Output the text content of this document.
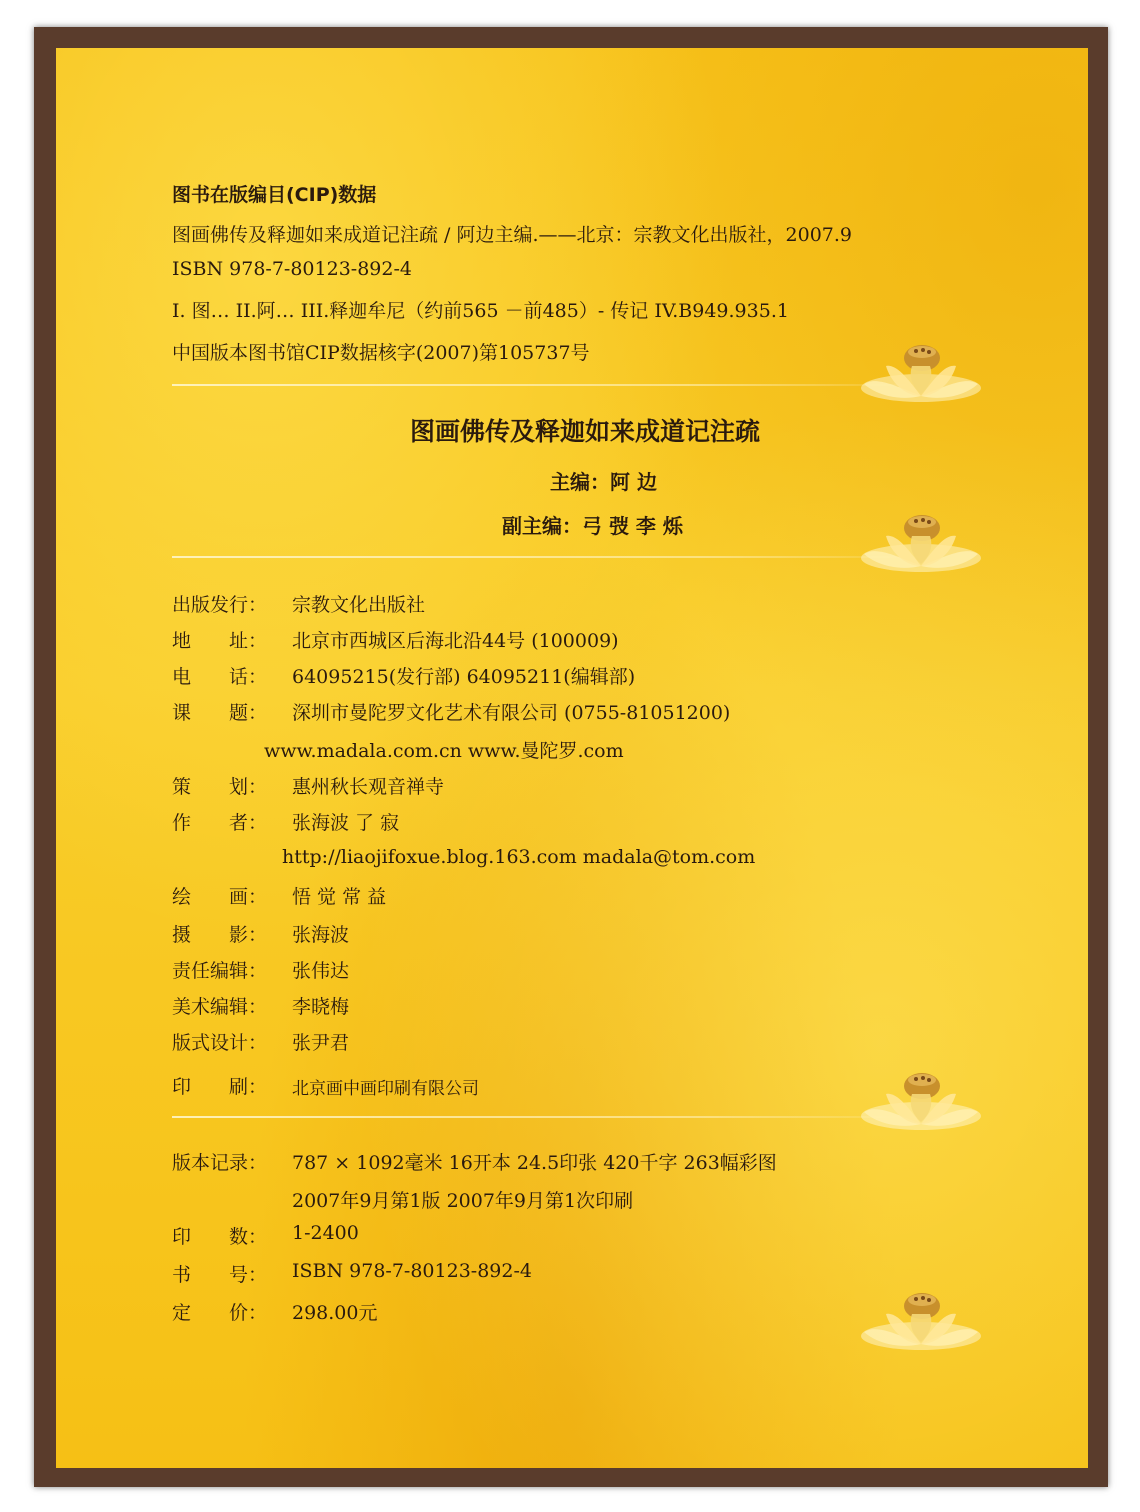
图书在版编目(CIP)数据
图画佛传及释迦如来成道记注疏 / 阿边主编.——北京：宗教文化出版社，2007.9
ISBN 978-7-80123-892-4
I. 图… II.阿… III.释迦牟尼（约前565 －前485）- 传记 IV.B949.935.1
中国版本图书馆CIP数据核字(2007)第105737号
图画佛传及释迦如来成道记注疏
主编：阿 边
副主编：弓 弢 李 烁
出版发行： 宗教文化出版社
地　　址： 北京市西城区后海北沿44号 (100009)
电　　话： 64095215(发行部) 64095211(编辑部)
课　　题： 深圳市曼陀罗文化艺术有限公司 (0755-81051200)
www.madala.com.cn www.曼陀罗.com
策　　划： 惠州秋长观音禅寺
作　　者： 张海波 了 寂
http://liaojifoxue.blog.163.com madala@tom.com
绘　　画： 悟 觉 常 益
摄　　影： 张海波
责任编辑： 张伟达
美术编辑： 李晓梅
版式设计： 张尹君
印　　刷： 北京画中画印刷有限公司
版本记录： 787 × 1092毫米 16开本 24.5印张 420千字 263幅彩图
2007年9月第1版 2007年9月第1次印刷
印　　数： 1-2400
书　　号： ISBN 978-7-80123-892-4
定　　价： 298.00元
